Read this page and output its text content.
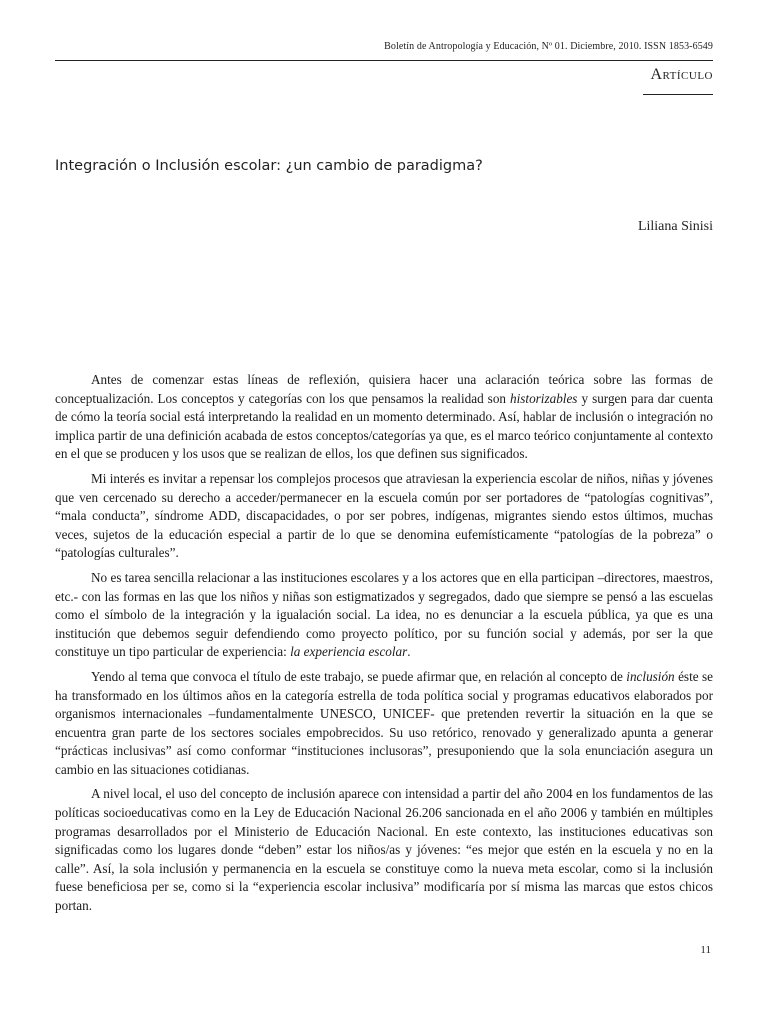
Boletín de Antropología y Educación, Nº 01. Diciembre, 2010. ISSN 1853-6549
Artículo
Integración o Inclusión escolar: ¿un cambio de paradigma?
Liliana Sinisi

Antes de comenzar estas líneas de reflexión, quisiera hacer una aclaración teórica sobre las formas de conceptualización. Los conceptos y categorías con los que pensamos la realidad son historizables y surgen para dar cuenta de cómo la teoría social está interpretando la realidad en un momento determinado. Así, hablar de inclusión o integración no implica partir de una definición acabada de estos conceptos/categorías ya que, es el marco teórico conjuntamente al contexto en el que se producen y los usos que se realizan de ellos, los que definen sus significados.

Mi interés es invitar a repensar los complejos procesos que atraviesan la experiencia escolar de niños, niñas y jóvenes que ven cercenado su derecho a acceder/permanecer en la escuela común por ser portadores de “patologías cognitivas”, “mala conducta”, síndrome ADD, discapacidades, o por ser pobres, indígenas, migrantes siendo estos últimos, muchas veces, sujetos de la educación especial a partir de lo que se denomina eufemísticamente “patologías de la pobreza” o “patologías culturales”.

No es tarea sencilla relacionar a las instituciones escolares y a los actores que en ella participan –directores, maestros, etc.- con las formas en las que los niños y niñas son estigmatizados y segregados, dado que siempre se pensó a las escuelas como el símbolo de la integración y la igualación social. La idea, no es denunciar a la escuela pública, ya que es una institución que debemos seguir defendiendo como proyecto político, por su función social y además, por ser la que constituye un tipo particular de experiencia: la experiencia escolar.

Yendo al tema que convoca el título de este trabajo, se puede afirmar que, en relación al concepto de inclusión éste se ha transformado en los últimos años en la categoría estrella de toda política social y programas educativos elaborados por organismos internacionales –fundamentalmente UNESCO, UNICEF- que pretenden revertir la situación en la que se encuentra gran parte de los sectores sociales empobrecidos. Su uso retórico, renovado y generalizado apunta a generar “prácticas inclusivas” así como conformar “instituciones inclusoras”, presuponiendo que la sola enunciación asegura un cambio en las situaciones cotidianas.

A nivel local, el uso del concepto de inclusión aparece con intensidad a partir del año 2004 en los fundamentos de las políticas socioeducativas como en la Ley de Educación Nacional 26.206 sancionada en el año 2006 y también en múltiples programas desarrollados por el Ministerio de Educación Nacional. En este contexto, las instituciones educativas son significadas como los lugares donde “deben” estar los niños/as y jóvenes: “es mejor que estén en la escuela y no en la calle”. Así, la sola inclusión y permanencia en la escuela se constituye como la nueva meta escolar, como si la inclusión fuese beneficiosa per se, como si la “experiencia escolar inclusiva” modificaría por sí misma las marcas que estos chicos portan.

11
